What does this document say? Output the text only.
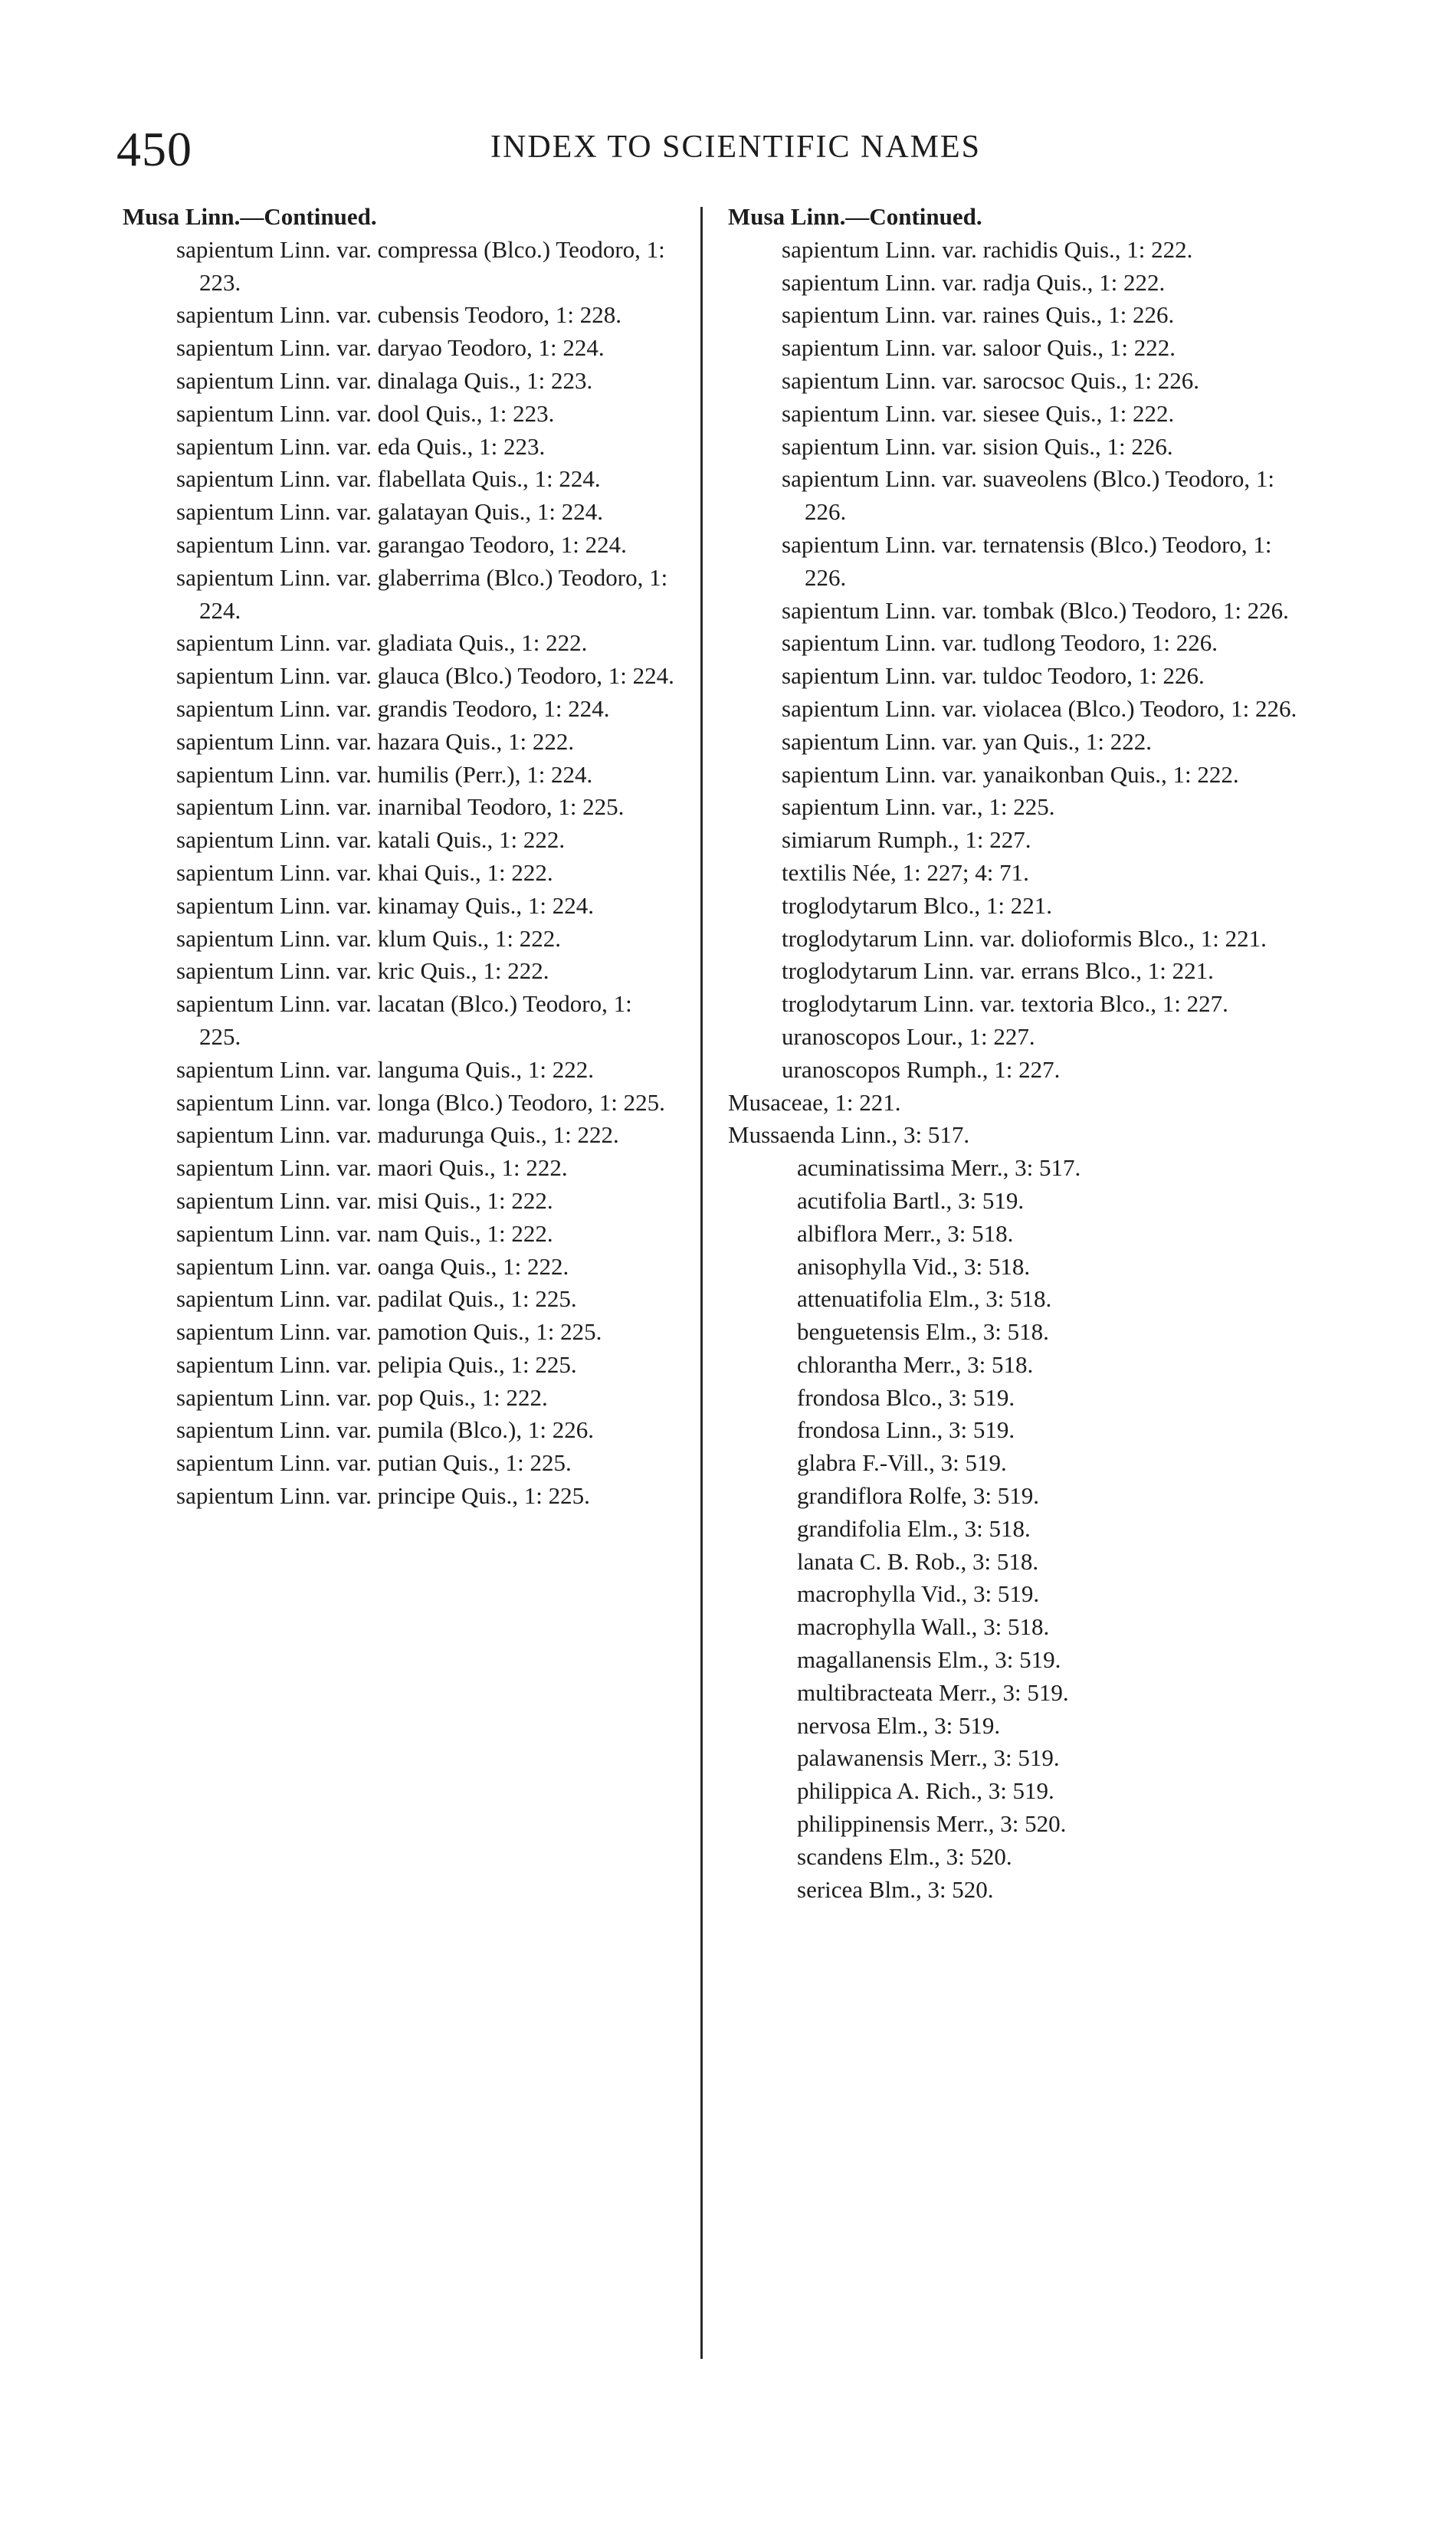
450	INDEX TO SCIENTIFIC NAMES

Musa Linn.—Continued.

sapientum Linn. var. compressa (Blco.) Teodoro, 1: 223.

sapientum Linn. var. cubensis Teodoro, 1: 228.

sapientum Linn. var. daryao Teodoro, 1: 224.

sapientum Linn. var. dinalaga Quis., 1: 223.

sapientum Linn. var. dool Quis., 1: 223.

sapientum Linn. var. eda Quis., 1: 223.

sapientum Linn. var. flabellata Quis., 1: 224.

sapientum Linn. var. galatayan Quis., 1: 224.

sapientum Linn. var. garangao Teodoro, 1: 224.

sapientum Linn. var. glaberrima (Blco.) Teodoro, 1: 224.

sapientum Linn. var. gladiata Quis., 1: 222.

sapientum Linn. var. glauca (Blco.) Teodoro, 1: 224.

sapientum Linn. var. grandis Teodoro, 1: 224.

sapientum Linn. var. hazara Quis., 1: 222.

sapientum Linn. var. humilis (Perr.), 1: 224.

sapientum Linn. var. inarnibal Teodoro, 1: 225.

sapientum Linn. var. katali Quis., 1: 222.

sapientum Linn. var. khai Quis., 1: 222.

sapientum Linn. var. kinamay Quis., 1: 224.

sapientum Linn. var. klum Quis., 1: 222.

sapientum Linn. var. kric Quis., 1: 222.

sapientum Linn. var. lacatan (Blco.) Teodoro, 1: 225.

sapientum Linn. var. languma Quis., 1: 222.

sapientum Linn. var. longa (Blco.) Teodoro, 1: 225.

sapientum Linn. var. madurunga Quis., 1: 222.

sapientum Linn. var. maori Quis., 1: 222.

sapientum Linn. var. misi Quis., 1: 222.

sapientum Linn. var. nam Quis., 1: 222.

sapientum Linn. var. oanga Quis., 1: 222.

sapientum Linn. var. padilat Quis., 1: 225.

sapientum Linn. var. pamotion Quis., 1: 225.

sapientum Linn. var. pelipia Quis., 1: 225.

sapientum Linn. var. pop Quis., 1: 222.

sapientum Linn. var. pumila (Blco.), 1: 226.

sapientum Linn. var. putian Quis., 1: 225.

sapientum Linn. var. principe Quis., 1: 225.

Musa Linn.—Continued.

sapientum Linn. var. rachidis Quis., 1: 222.

sapientum Linn. var. radja Quis., 1: 222.

sapientum Linn. var. raines Quis., 1: 226.

sapientum Linn. var. saloor Quis., 1: 222.

sapientum Linn. var. sarocsoc Quis., 1: 226.

sapientum Linn. var. siesee Quis., 1: 222.

sapientum Linn. var. sision Quis., 1: 226.

sapientum Linn. var. suaveolens (Blco.) Teodoro, 1: 226.

sapientum Linn. var. ternatensis (Blco.) Teodoro, 1: 226.

sapientum Linn. var. tombak (Blco.) Teodoro, 1: 226.

sapientum Linn. var. tudlong Teodoro, 1: 226.

sapientum Linn. var. tuldoc Teodoro, 1: 226.

sapientum Linn. var. violacea (Blco.) Teodoro, 1: 226.

sapientum Linn. var. yan Quis., 1: 222.

sapientum Linn. var. yanaikonban Quis., 1: 222.

sapientum Linn. var., 1: 225.

simiarum Rumph., 1: 227.

textilis Née, 1: 227; 4: 71.

troglodytarum Blco., 1: 221.

troglodytarum Linn. var. dolioformis Blco., 1: 221.

troglodytarum Linn. var. errans Blco., 1: 221.

troglodytarum Linn. var. textoria Blco., 1: 227.

uranoscopos Lour., 1: 227.

uranoscopos Rumph., 1: 227.

Musaceae, 1: 221.

Mussaenda Linn., 3: 517.

acuminatissima Merr., 3: 517.

acutifolia Bartl., 3: 519.

albiflora Merr., 3: 518.

anisophylla Vid., 3: 518.

attenuatifolia Elm., 3: 518.

benguetensis Elm., 3: 518.

chlorantha Merr., 3: 518.

frondosa Blco., 3: 519.

frondosa Linn., 3: 519.

glabra F.-Vill., 3: 519.

grandiflora Rolfe, 3: 519.

grandifolia Elm., 3: 518.

lanata C. B. Rob., 3: 518.

macrophylla Vid., 3: 519.

macrophylla Wall., 3: 518.

magallanensis Elm., 3: 519.

multibracteata Merr., 3: 519.

nervosa Elm., 3: 519.

palawanensis Merr., 3: 519.

philippica A. Rich., 3: 519.

philippinensis Merr., 3: 520.

scandens Elm., 3: 520.

sericea Blm., 3: 520.
